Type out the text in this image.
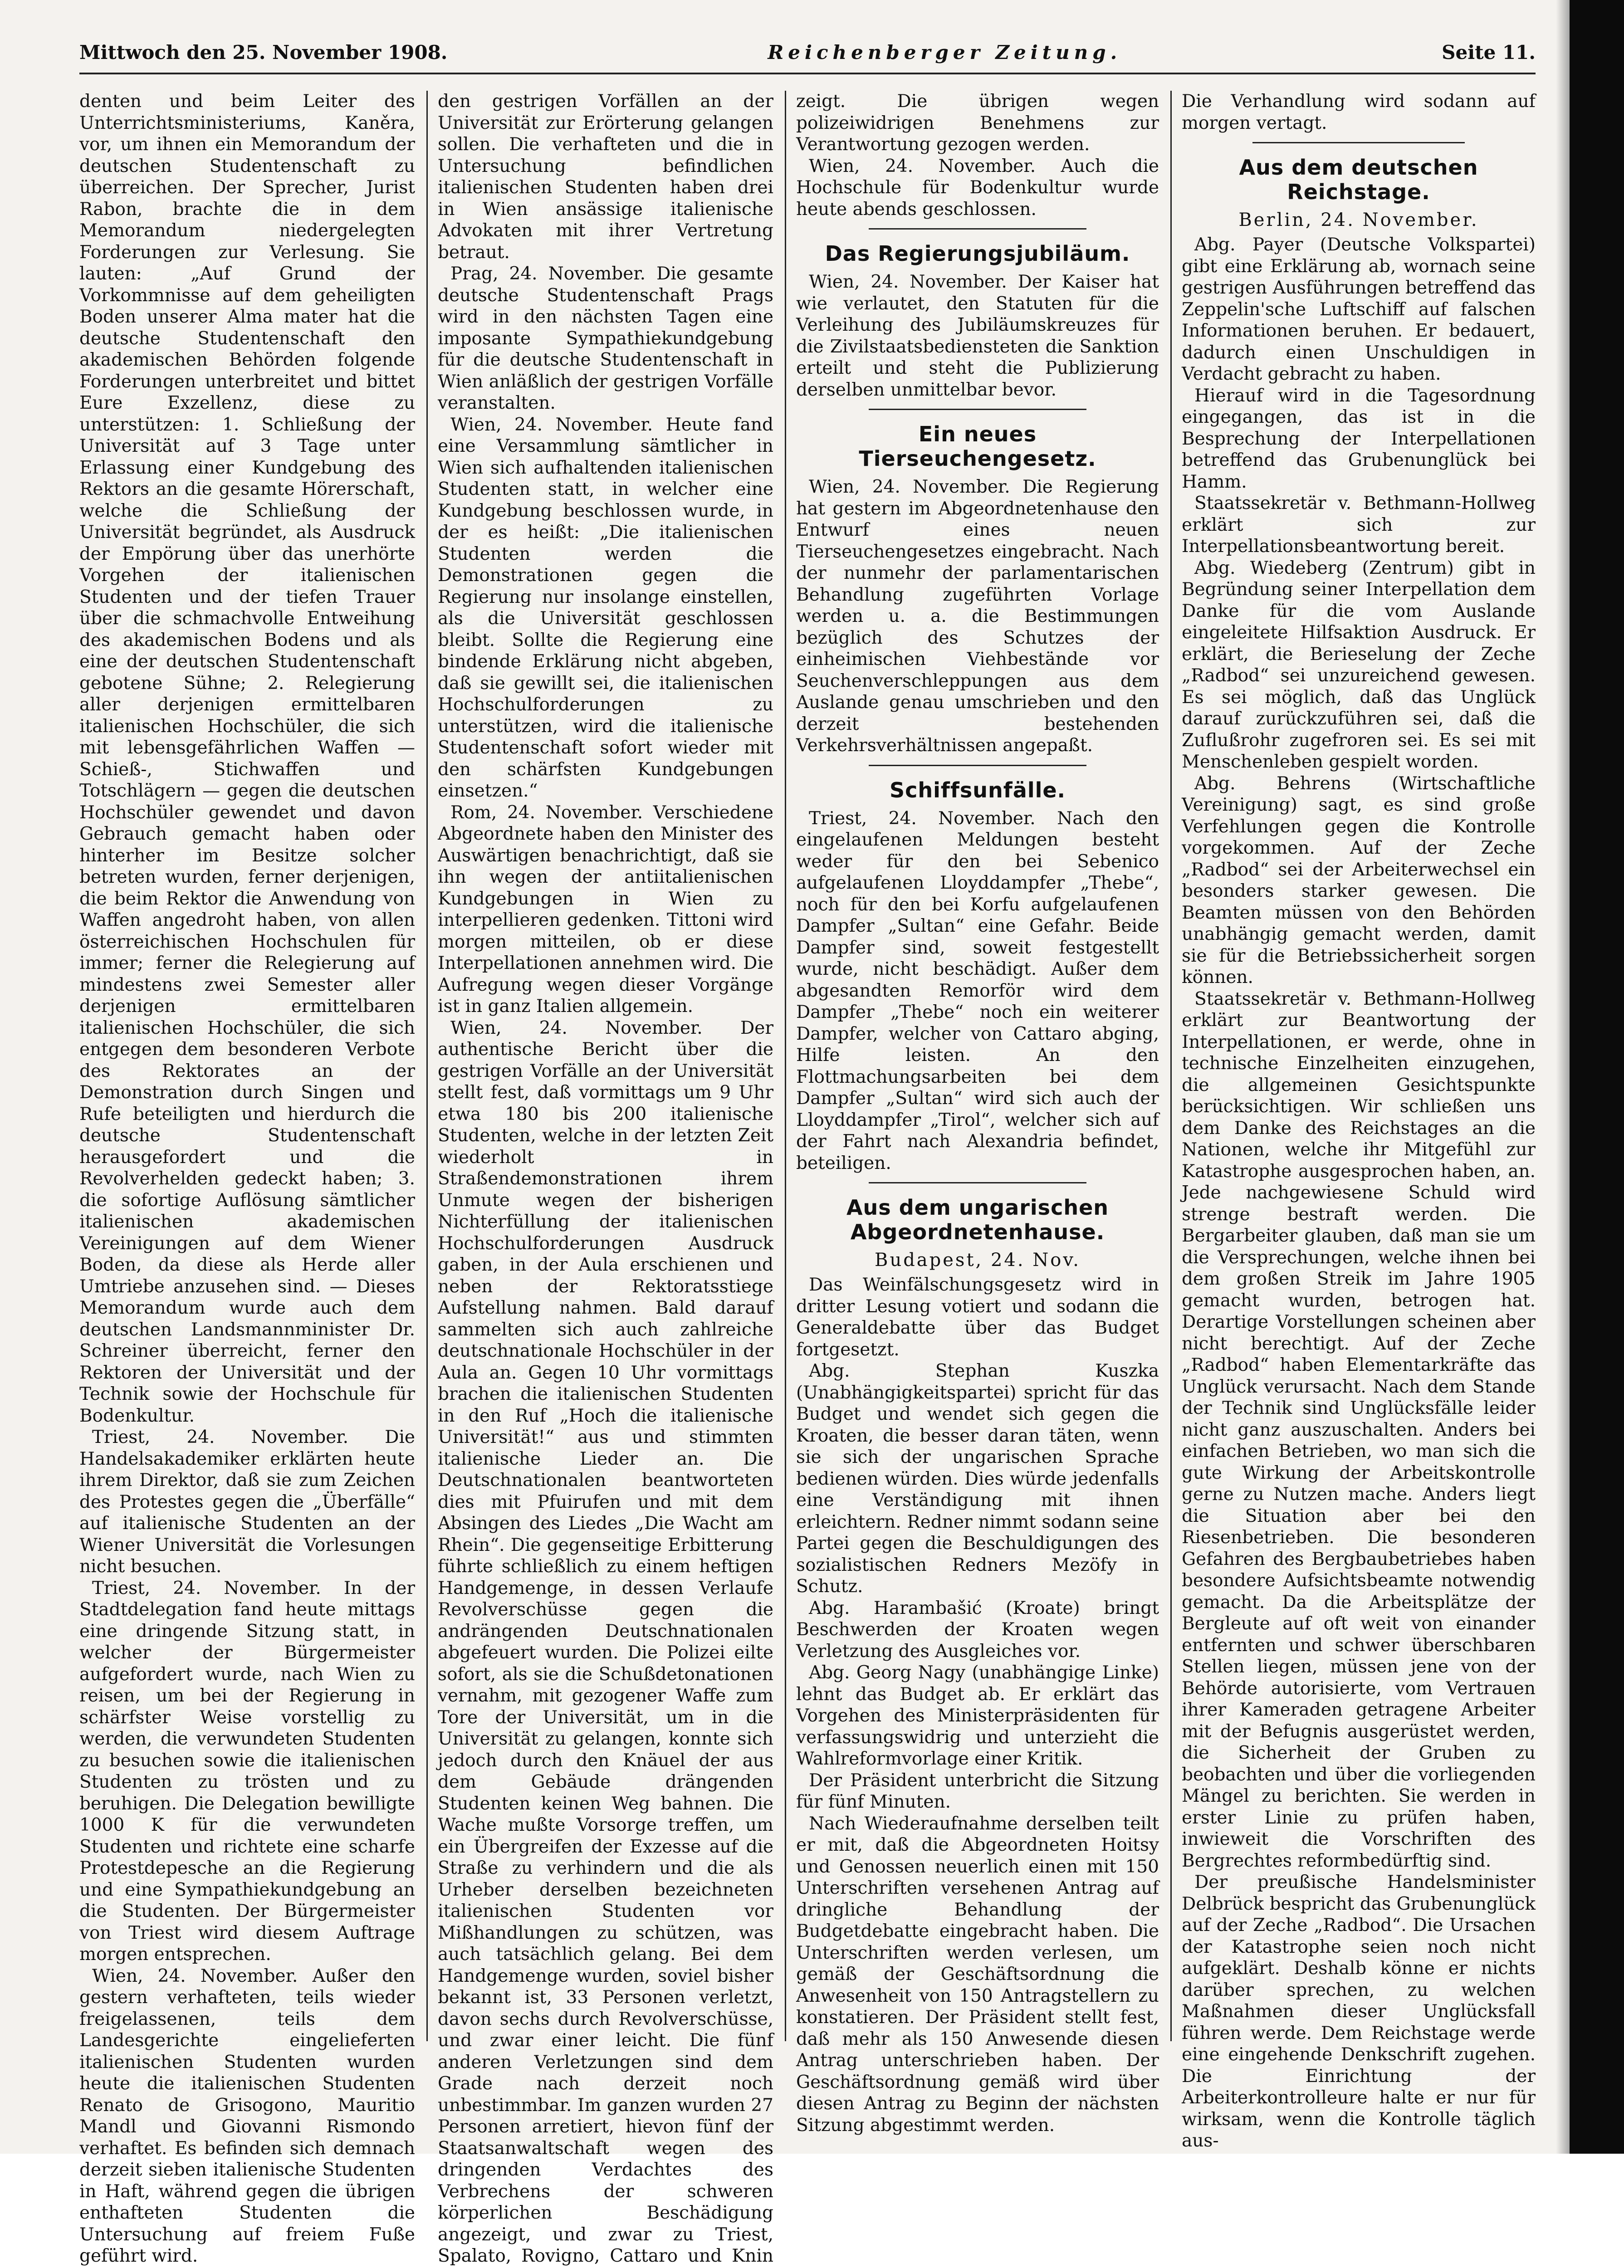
Mittwoch den 25. November 1908.	Reichenberger Zeitung.	Seite 11.

denten und beim Leiter des Unterrichtsministeriums, Kaněra, vor, um ihnen ein Memorandum der deutschen Studentenschaft zu überreichen. Der Sprecher, Jurist Rabon, brachte die in dem Memorandum niedergelegten Forderungen zur Verlesung. Sie lauten: „Auf Grund der Vorkommnisse auf dem geheiligten Boden unserer Alma mater hat die deutsche Studentenschaft den akademischen Behörden folgende Forderungen unterbreitet und bittet Eure Exzellenz, diese zu unterstützen: 1. Schließung der Universität auf 3 Tage unter Erlassung einer Kundgebung des Rektors an die gesamte Hörerschaft, welche die Schließung der Universität begründet, als Ausdruck der Empörung über das unerhörte Vorgehen der italienischen Studenten und der tiefen Trauer über die schmachvolle Entweihung des akademischen Bodens und als eine der deutschen Studentenschaft gebotene Sühne; 2. Relegierung aller derjenigen ermittelbaren italienischen Hochschüler, die sich mit lebensgefährlichen Waffen — Schieß-, Stichwaffen und Totschlägern — gegen die deutschen Hochschüler gewendet und davon Gebrauch gemacht haben oder hinterher im Besitze solcher betreten wurden, ferner derjenigen, die beim Rektor die Anwendung von Waffen angedroht haben, von allen österreichischen Hochschulen für immer; ferner die Relegierung auf mindestens zwei Semester aller derjenigen ermittelbaren italienischen Hochschüler, die sich entgegen dem besonderen Verbote des Rektorates an der Demonstration durch Singen und Rufe beteiligten und hierdurch die deutsche Studentenschaft herausgefordert und die Revolverhelden gedeckt haben; 3. die sofortige Auflösung sämtlicher italienischen akademischen Vereinigungen auf dem Wiener Boden, da diese als Herde aller Umtriebe anzusehen sind. — Dieses Memorandum wurde auch dem deutschen Landsmannminister Dr. Schreiner überreicht, ferner den Rektoren der Universität und der Technik sowie der Hochschule für Bodenkultur.

Triest, 24. November. Die Handelsakademiker erklärten heute ihrem Direktor, daß sie zum Zeichen des Protestes gegen die „Überfälle“ auf italienische Studenten an der Wiener Universität die Vorlesungen nicht besuchen.

Triest, 24. November. In der Stadtdelegation fand heute mittags eine dringende Sitzung statt, in welcher der Bürgermeister aufgefordert wurde, nach Wien zu reisen, um bei der Regierung in schärfster Weise vorstellig zu werden, die verwundeten Studenten zu besuchen sowie die italienischen Studenten zu trösten und zu beruhigen. Die Delegation bewilligte 1000 K für die verwundeten Studenten und richtete eine scharfe Protestdepesche an die Regierung und eine Sympathiekundgebung an die Studenten. Der Bürgermeister von Triest wird diesem Auftrage morgen entsprechen.

Wien, 24. November. Außer den gestern verhafteten, teils wieder freigelassenen, teils dem Landesgerichte eingelieferten italienischen Studenten wurden heute die italienischen Studenten Renato de Grisogono, Mauritio Mandl und Giovanni Rismondo verhaftet. Es befinden sich demnach derzeit sieben italienische Studenten in Haft, während gegen die übrigen enthafteten Studenten die Untersuchung auf freiem Fuße geführt wird.

den gestrigen Vorfällen an der Universität zur Erörterung gelangen sollen. Die verhafteten und die in Untersuchung befindlichen italienischen Studenten haben drei in Wien ansässige italienische Advokaten mit ihrer Vertretung betraut.

Prag, 24. November. Die gesamte deutsche Studentenschaft Prags wird in den nächsten Tagen eine imposante Sympathiekundgebung für die deutsche Studentenschaft in Wien anläßlich der gestrigen Vorfälle veranstalten.

Wien, 24. November. Heute fand eine Versammlung sämtlicher in Wien sich aufhaltenden italienischen Studenten statt, in welcher eine Kundgebung beschlossen wurde, in der es heißt: „Die italienischen Studenten werden die Demonstrationen gegen die Regierung nur insolange einstellen, als die Universität geschlossen bleibt. Sollte die Regierung eine bindende Erklärung nicht abgeben, daß sie gewillt sei, die italienischen Hochschulforderungen zu unterstützen, wird die italienische Studentenschaft sofort wieder mit den schärfsten Kundgebungen einsetzen.“

Rom, 24. November. Verschiedene Abgeordnete haben den Minister des Auswärtigen benachrichtigt, daß sie ihn wegen der antiitalienischen Kundgebungen in Wien zu interpellieren gedenken. Tittoni wird morgen mitteilen, ob er diese Interpellationen annehmen wird. Die Aufregung wegen dieser Vorgänge ist in ganz Italien allgemein.

Wien, 24. November. Der authentische Bericht über die gestrigen Vorfälle an der Universität stellt fest, daß vormittags um 9 Uhr etwa 180 bis 200 italienische Studenten, welche in der letzten Zeit wiederholt in Straßendemonstrationen ihrem Unmute wegen der bisherigen Nichterfüllung der italienischen Hochschulforderungen Ausdruck gaben, in der Aula erschienen und neben der Rektoratsstiege Aufstellung nahmen. Bald darauf sammelten sich auch zahlreiche deutschnationale Hochschüler in der Aula an. Gegen 10 Uhr vormittags brachen die italienischen Studenten in den Ruf „Hoch die italienische Universität!“ aus und stimmten italienische Lieder an. Die Deutschnationalen beantworteten dies mit Pfuirufen und mit dem Absingen des Liedes „Die Wacht am Rhein“. Die gegenseitige Erbitterung führte schließlich zu einem heftigen Handgemenge, in dessen Verlaufe Revolverschüsse gegen die andrängenden Deutschnationalen abgefeuert wurden. Die Polizei eilte sofort, als sie die Schußdetonationen vernahm, mit gezogener Waffe zum Tore der Universität, um in die Universität zu gelangen, konnte sich jedoch durch den Knäuel der aus dem Gebäude drängenden Studenten keinen Weg bahnen. Die Wache mußte Vorsorge treffen, um ein Übergreifen der Exzesse auf die Straße zu verhindern und die als Urheber derselben bezeichneten italienischen Studenten vor Mißhandlungen zu schützen, was auch tatsächlich gelang. Bei dem Handgemenge wurden, soviel bisher bekannt ist, 33 Personen verletzt, davon sechs durch Revolverschüsse, und zwar einer leicht. Die fünf anderen Verletzungen sind dem Grade nach derzeit noch unbestimmbar. Im ganzen wurden 27 Personen arretiert, hievon fünf der Staatsanwaltschaft wegen des dringenden Verdachtes des Verbrechens der schweren körperlichen Beschädigung angezeigt, und zwar zu Triest, Spalato, Rovigno, Cattaro und Knin

zeigt. Die übrigen wegen polizeiwidrigen Benehmens zur Verantwortung gezogen werden.

Wien, 24. November. Auch die Hochschule für Bodenkultur wurde heute abends geschlossen.

Das Regierungsjubiläum.

Wien, 24. November. Der Kaiser hat wie verlautet, den Statuten für die Verleihung des Jubiläumskreuzes für die Zivilstaatsbediensteten die Sanktion erteilt und steht die Publizierung derselben unmittelbar bevor.

Ein neues Tierseuchengesetz.

Wien, 24. November. Die Regierung hat gestern im Abgeordnetenhause den Entwurf eines neuen Tierseuchengesetzes eingebracht. Nach der nunmehr der parlamentarischen Behandlung zugeführten Vorlage werden u. a. die Bestimmungen bezüglich des Schutzes der einheimischen Viehbestände vor Seuchenverschleppungen aus dem Auslande genau umschrieben und den derzeit bestehenden Verkehrsverhältnissen angepaßt.

Schiffsunfälle.

Triest, 24. November. Nach den eingelaufenen Meldungen besteht weder für den bei Sebenico aufgelaufenen Lloyddampfer „Thebe“, noch für den bei Korfu aufgelaufenen Dampfer „Sultan“ eine Gefahr. Beide Dampfer sind, soweit festgestellt wurde, nicht beschädigt. Außer dem abgesandten Remorför wird dem Dampfer „Thebe“ noch ein weiterer Dampfer, welcher von Cattaro abging, Hilfe leisten. An den Flottmachungsarbeiten bei dem Dampfer „Sultan“ wird sich auch der Lloyddampfer „Tirol“, welcher sich auf der Fahrt nach Alexandria befindet, beteiligen.

Aus dem ungarischen Abgeordnetenhause.
Budapest, 24. Nov.

Das Weinfälschungsgesetz wird in dritter Lesung votiert und sodann die Generaldebatte über das Budget fortgesetzt.

Abg. Stephan Kuszka (Unabhängigkeitspartei) spricht für das Budget und wendet sich gegen die Kroaten, die besser daran täten, wenn sie sich der ungarischen Sprache bedienen würden. Dies würde jedenfalls eine Verständigung mit ihnen erleichtern. Redner nimmt sodann seine Partei gegen die Beschuldigungen des sozialistischen Redners Mezöfy in Schutz.

Abg. Harambašić (Kroate) bringt Beschwerden der Kroaten wegen Verletzung des Ausgleiches vor.

Abg. Georg Nagy (unabhängige Linke) lehnt das Budget ab. Er erklärt das Vorgehen des Ministerpräsidenten für verfassungswidrig und unterzieht die Wahlreformvorlage einer Kritik.

Der Präsident unterbricht die Sitzung für fünf Minuten.

Nach Wiederaufnahme derselben teilt er mit, daß die Abgeordneten Hoitsy und Genossen neuerlich einen mit 150 Unterschriften versehenen Antrag auf dringliche Behandlung der Budgetdebatte eingebracht haben. Die Unterschriften werden verlesen, um gemäß der Geschäftsordnung die Anwesenheit von 150 Antragstellern zu konstatieren. Der Präsident stellt fest, daß mehr als 150 Anwesende diesen Antrag unterschrieben haben. Der Geschäftsordnung gemäß wird über diesen Antrag zu Beginn der nächsten Sitzung abgestimmt werden.

Die Verhandlung wird sodann auf morgen vertagt.

Aus dem deutschen Reichstage.
Berlin, 24. November.

Abg. Payer (Deutsche Volkspartei) gibt eine Erklärung ab, wornach seine gestrigen Ausführungen betreffend das Zeppelin'sche Luftschiff auf falschen Informationen beruhen. Er bedauert, dadurch einen Unschuldigen in Verdacht gebracht zu haben.

Hierauf wird in die Tagesordnung eingegangen, das ist in die Besprechung der Interpellationen betreffend das Grubenunglück bei Hamm.

Staatssekretär v. Bethmann-Hollweg erklärt sich zur Interpellationsbeantwortung bereit.

Abg. Wiedeberg (Zentrum) gibt in Begründung seiner Interpellation dem Danke für die vom Auslande eingeleitete Hilfsaktion Ausdruck. Er erklärt, die Berieselung der Zeche „Radbod“ sei unzureichend gewesen. Es sei möglich, daß das Unglück darauf zurückzuführen sei, daß die Zuflußrohr zugefroren sei. Es sei mit Menschenleben gespielt worden.

Abg. Behrens (Wirtschaftliche Vereinigung) sagt, es sind große Verfehlungen gegen die Kontrolle vorgekommen. Auf der Zeche „Radbod“ sei der Arbeiterwechsel ein besonders starker gewesen. Die Beamten müssen von den Behörden unabhängig gemacht werden, damit sie für die Betriebssicherheit sorgen können.

Staatssekretär v. Bethmann-Hollweg erklärt zur Beantwortung der Interpellationen, er werde, ohne in technische Einzelheiten einzugehen, die allgemeinen Gesichtspunkte berücksichtigen. Wir schließen uns dem Danke des Reichstages an die Nationen, welche ihr Mitgefühl zur Katastrophe ausgesprochen haben, an. Jede nachgewiesene Schuld wird strenge bestraft werden. Die Bergarbeiter glauben, daß man sie um die Versprechungen, welche ihnen bei dem großen Streik im Jahre 1905 gemacht wurden, betrogen hat. Derartige Vorstellungen scheinen aber nicht berechtigt. Auf der Zeche „Radbod“ haben Elementarkräfte das Unglück verursacht. Nach dem Stande der Technik sind Unglücksfälle leider nicht ganz auszuschalten. Anders bei einfachen Betrieben, wo man sich die gute Wirkung der Arbeitskontrolle gerne zu Nutzen mache. Anders liegt die Situation aber bei den Riesenbetrieben. Die besonderen Gefahren des Bergbaubetriebes haben besondere Aufsichtsbeamte notwendig gemacht. Da die Arbeitsplätze der Bergleute auf oft weit von einander entfernten und schwer überschbaren Stellen liegen, müssen jene von der Behörde autorisierte, vom Vertrauen ihrer Kameraden getragene Arbeiter mit der Befugnis ausgerüstet werden, die Sicherheit der Gruben zu beobachten und über die vorliegenden Mängel zu berichten. Sie werden in erster Linie zu prüfen haben, inwieweit die Vorschriften des Bergrechtes reformbedürftig sind.

Der preußische Handelsminister Delbrück bespricht das Grubenunglück auf der Zeche „Radbod“. Die Ursachen der Katastrophe seien noch nicht aufgeklärt. Deshalb könne er nichts darüber sprechen, zu welchen Maßnahmen dieser Unglücksfall führen werde. Dem Reichstage werde eine eingehende Denkschrift zugehen. Die Einrichtung der Arbeiterkontrolleure halte er nur für wirksam, wenn die Kontrolle täglich aus-
